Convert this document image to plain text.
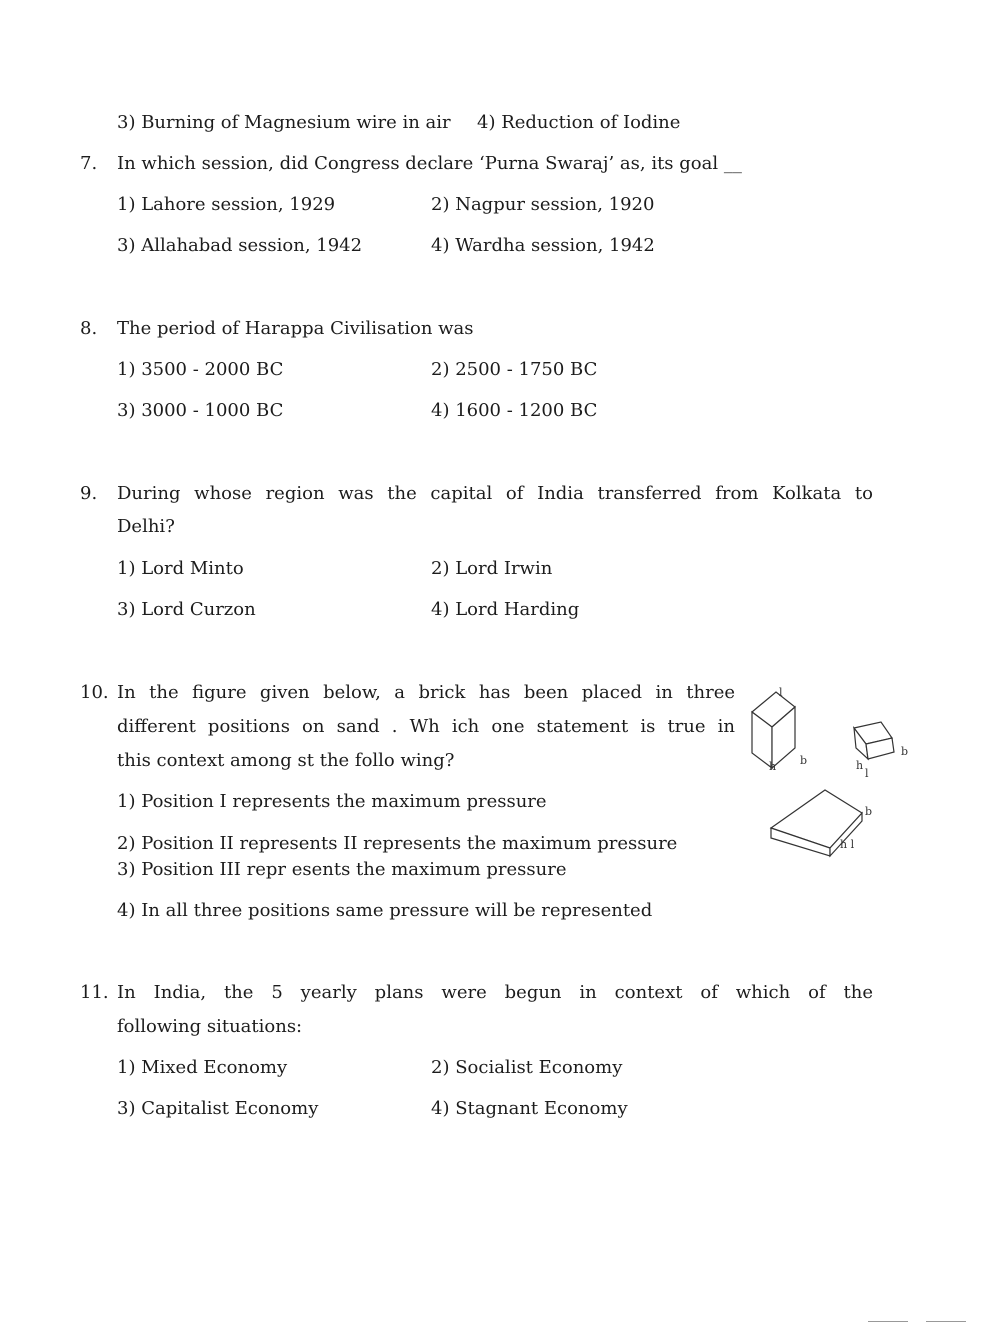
3) Burning of Magnesium wire in air 4) Reduction of Iodine
7. In which session, did Congress declare ‘Purna Swaraj’ as, its goal __
1) Lahore session, 1929	2) Nagpur session, 1920
3) Allahabad session, 1942	4) Wardha session, 1942
8. The period of Harappa Civilisation was
1) 3500 - 2000 BC	2) 2500 - 1750 BC
3) 3000 - 1000 BC	4) 1600 - 1200 BC
9. During whose region was the capital of India transferred from Kolkata to
Delhi?
1) Lord Minto	2) Lord Irwin
3) Lord Curzon	4) Lord Harding
10. In the figure given below, a brick has been placed in three
different positions on sand . Wh ich one statement is true in
this context among st the follo wing?
1) Position I represents the maximum pressure
2) Position II represents II represents the maximum pressure
3) Position III repr esents the maximum pressure
4) In all three positions same pressure will be represented
l
b
h
b
h
l
b
h l
11. In India, the 5 yearly plans were begun in context of which of the
following situations:
1) Mixed Economy	2) Socialist Economy
3) Capitalist Economy	4) Stagnant Economy
